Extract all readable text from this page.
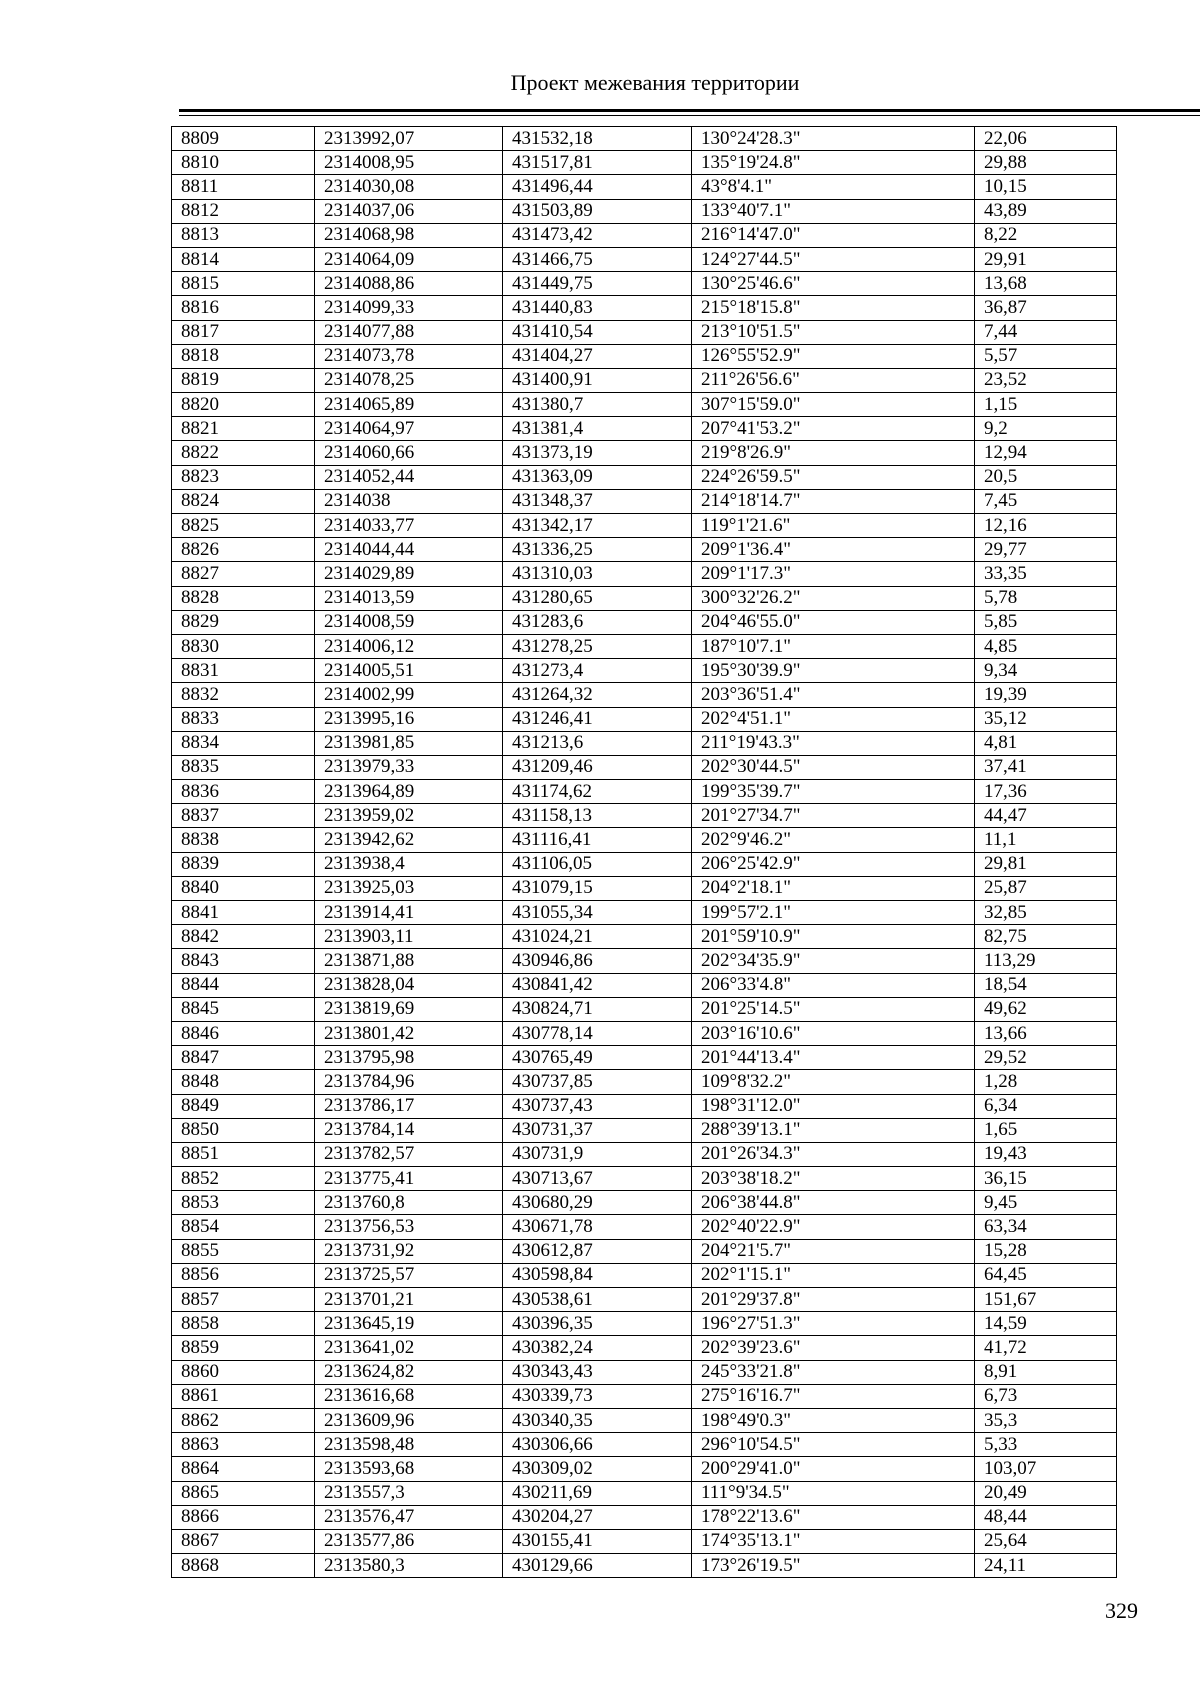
Проект межевания территории
8809	2313992,07	431532,18	130°24'28.3"	22,06
8810	2314008,95	431517,81	135°19'24.8"	29,88
8811	2314030,08	431496,44	43°8'4.1"	10,15
8812	2314037,06	431503,89	133°40'7.1"	43,89
8813	2314068,98	431473,42	216°14'47.0"	8,22
8814	2314064,09	431466,75	124°27'44.5"	29,91
8815	2314088,86	431449,75	130°25'46.6"	13,68
8816	2314099,33	431440,83	215°18'15.8"	36,87
8817	2314077,88	431410,54	213°10'51.5"	7,44
8818	2314073,78	431404,27	126°55'52.9"	5,57
8819	2314078,25	431400,91	211°26'56.6"	23,52
8820	2314065,89	431380,7	307°15'59.0"	1,15
8821	2314064,97	431381,4	207°41'53.2"	9,2
8822	2314060,66	431373,19	219°8'26.9"	12,94
8823	2314052,44	431363,09	224°26'59.5"	20,5
8824	2314038	431348,37	214°18'14.7"	7,45
8825	2314033,77	431342,17	119°1'21.6"	12,16
8826	2314044,44	431336,25	209°1'36.4"	29,77
8827	2314029,89	431310,03	209°1'17.3"	33,35
8828	2314013,59	431280,65	300°32'26.2"	5,78
8829	2314008,59	431283,6	204°46'55.0"	5,85
8830	2314006,12	431278,25	187°10'7.1"	4,85
8831	2314005,51	431273,4	195°30'39.9"	9,34
8832	2314002,99	431264,32	203°36'51.4"	19,39
8833	2313995,16	431246,41	202°4'51.1"	35,12
8834	2313981,85	431213,6	211°19'43.3"	4,81
8835	2313979,33	431209,46	202°30'44.5"	37,41
8836	2313964,89	431174,62	199°35'39.7"	17,36
8837	2313959,02	431158,13	201°27'34.7"	44,47
8838	2313942,62	431116,41	202°9'46.2"	11,1
8839	2313938,4	431106,05	206°25'42.9"	29,81
8840	2313925,03	431079,15	204°2'18.1"	25,87
8841	2313914,41	431055,34	199°57'2.1"	32,85
8842	2313903,11	431024,21	201°59'10.9"	82,75
8843	2313871,88	430946,86	202°34'35.9"	113,29
8844	2313828,04	430841,42	206°33'4.8"	18,54
8845	2313819,69	430824,71	201°25'14.5"	49,62
8846	2313801,42	430778,14	203°16'10.6"	13,66
8847	2313795,98	430765,49	201°44'13.4"	29,52
8848	2313784,96	430737,85	109°8'32.2"	1,28
8849	2313786,17	430737,43	198°31'12.0"	6,34
8850	2313784,14	430731,37	288°39'13.1"	1,65
8851	2313782,57	430731,9	201°26'34.3"	19,43
8852	2313775,41	430713,67	203°38'18.2"	36,15
8853	2313760,8	430680,29	206°38'44.8"	9,45
8854	2313756,53	430671,78	202°40'22.9"	63,34
8855	2313731,92	430612,87	204°21'5.7"	15,28
8856	2313725,57	430598,84	202°1'15.1"	64,45
8857	2313701,21	430538,61	201°29'37.8"	151,67
8858	2313645,19	430396,35	196°27'51.3"	14,59
8859	2313641,02	430382,24	202°39'23.6"	41,72
8860	2313624,82	430343,43	245°33'21.8"	8,91
8861	2313616,68	430339,73	275°16'16.7"	6,73
8862	2313609,96	430340,35	198°49'0.3"	35,3
8863	2313598,48	430306,66	296°10'54.5"	5,33
8864	2313593,68	430309,02	200°29'41.0"	103,07
8865	2313557,3	430211,69	111°9'34.5"	20,49
8866	2313576,47	430204,27	178°22'13.6"	48,44
8867	2313577,86	430155,41	174°35'13.1"	25,64
8868	2313580,3	430129,66	173°26'19.5"	24,11
329
